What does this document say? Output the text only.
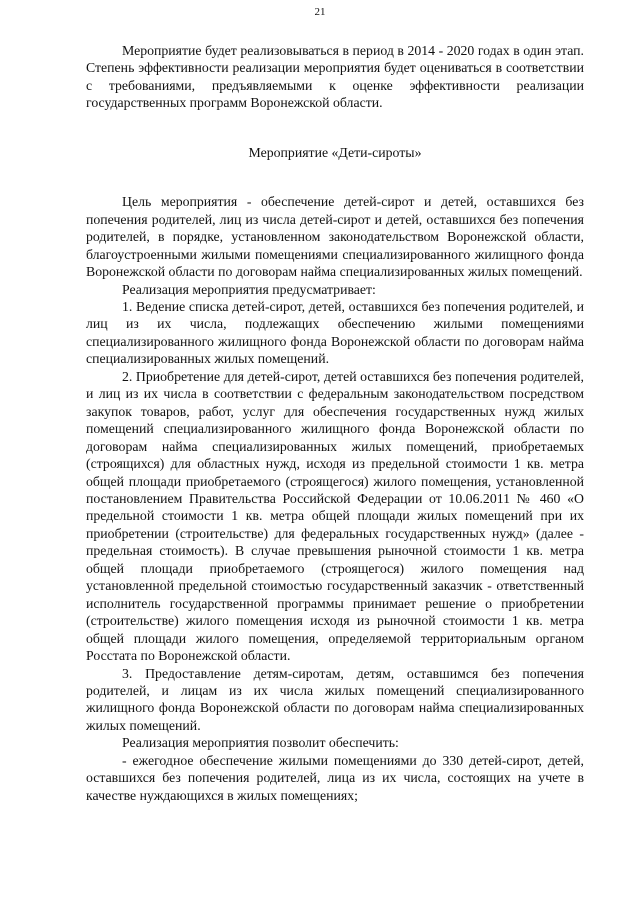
21

Мероприятие будет реализовываться в период в 2014 - 2020 годах в один этап. Степень эффективности реализации мероприятия будет оцениваться в соответствии с требованиями, предъявляемыми к оценке эффективности реализации государственных программ Воронежской области.

Мероприятие «Дети-сироты»

Цель мероприятия - обеспечение детей-сирот и детей, оставшихся без попечения родителей, лиц из числа детей-сирот и детей, оставшихся без попечения родителей, в порядке, установленном законодательством Воронежской области, благоустроенными жилыми помещениями специализированного жилищного фонда Воронежской области по договорам найма специализированных жилых помещений.

Реализация мероприятия предусматривает:

1. Ведение списка детей-сирот, детей, оставшихся без попечения родителей, и лиц из их числа, подлежащих обеспечению жилыми помещениями специализированного жилищного фонда Воронежской области по договорам найма специализированных жилых помещений.

2. Приобретение для детей-сирот, детей оставшихся без попечения родителей, и лиц из их числа в соответствии с федеральным законодательством посредством закупок товаров, работ, услуг для обеспечения государственных нужд жилых помещений специализированного жилищного фонда Воронежской области по договорам найма специализированных жилых помещений, приобретаемых (строящихся) для областных нужд, исходя из предельной стоимости 1 кв. метра общей площади приобретаемого (строящегося) жилого помещения, установленной постановлением Правительства Российской Федерации от 10.06.2011 № 460 «О предельной стоимости 1 кв. метра общей площади жилых помещений при их приобретении (строительстве) для федеральных государственных нужд» (далее - предельная стоимость). В случае превышения рыночной стоимости 1 кв. метра общей площади приобретаемого (строящегося) жилого помещения над установленной предельной стоимостью государственный заказчик - ответственный исполнитель государственной программы принимает решение о приобретении (строительстве) жилого помещения исходя из рыночной стоимости 1 кв. метра общей площади жилого помещения, определяемой территориальным органом Росстата по Воронежской области.

3. Предоставление детям-сиротам, детям, оставшимся без попечения родителей, и лицам из их числа жилых помещений специализированного жилищного фонда Воронежской области по договорам найма специализированных жилых помещений.

Реализация мероприятия позволит обеспечить:

- ежегодное обеспечение жилыми помещениями до 330 детей-сирот, детей, оставшихся без попечения родителей, лица из их числа, состоящих на учете в качестве нуждающихся в жилых помещениях;
